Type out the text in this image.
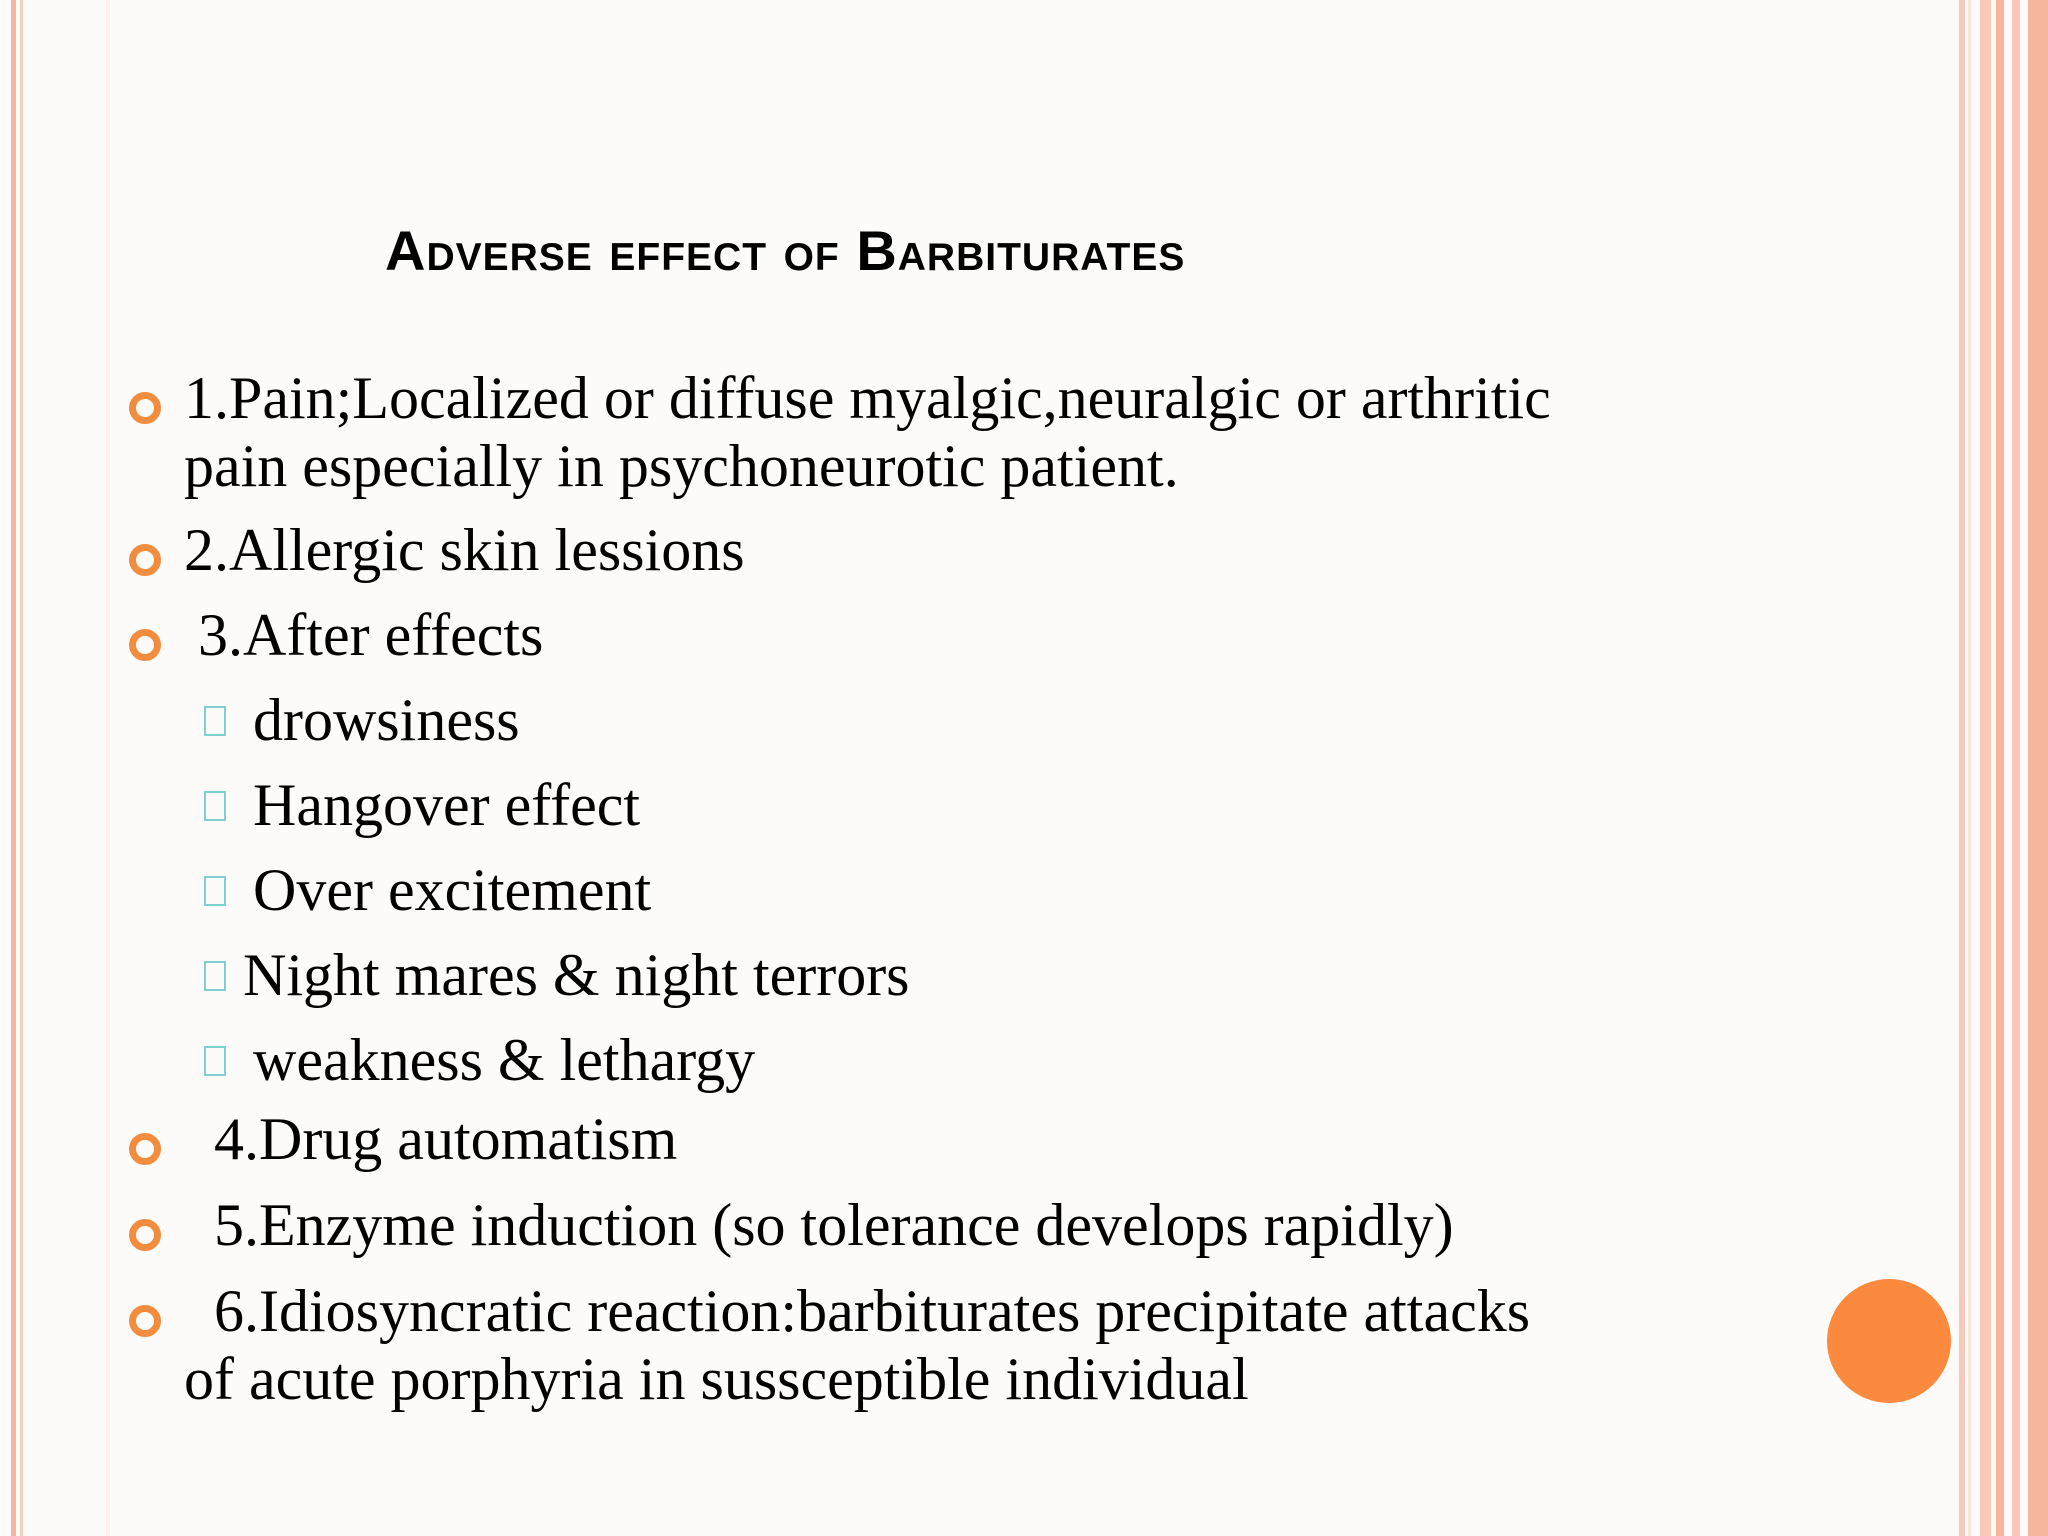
Adverse effect of Barbiturates
1.Pain;Localized or diffuse myalgic,neuralgic or arthritic
pain especially in psychoneurotic patient.
2.Allergic skin lessions
3.After effects
drowsiness
Hangover effect
Over excitement
Night mares & night terrors
weakness & lethargy
4.Drug automatism
5.Enzyme induction (so tolerance develops rapidly)
6.Idiosyncratic reaction:barbiturates precipitate attacks
of acute porphyria in sussceptible individual
